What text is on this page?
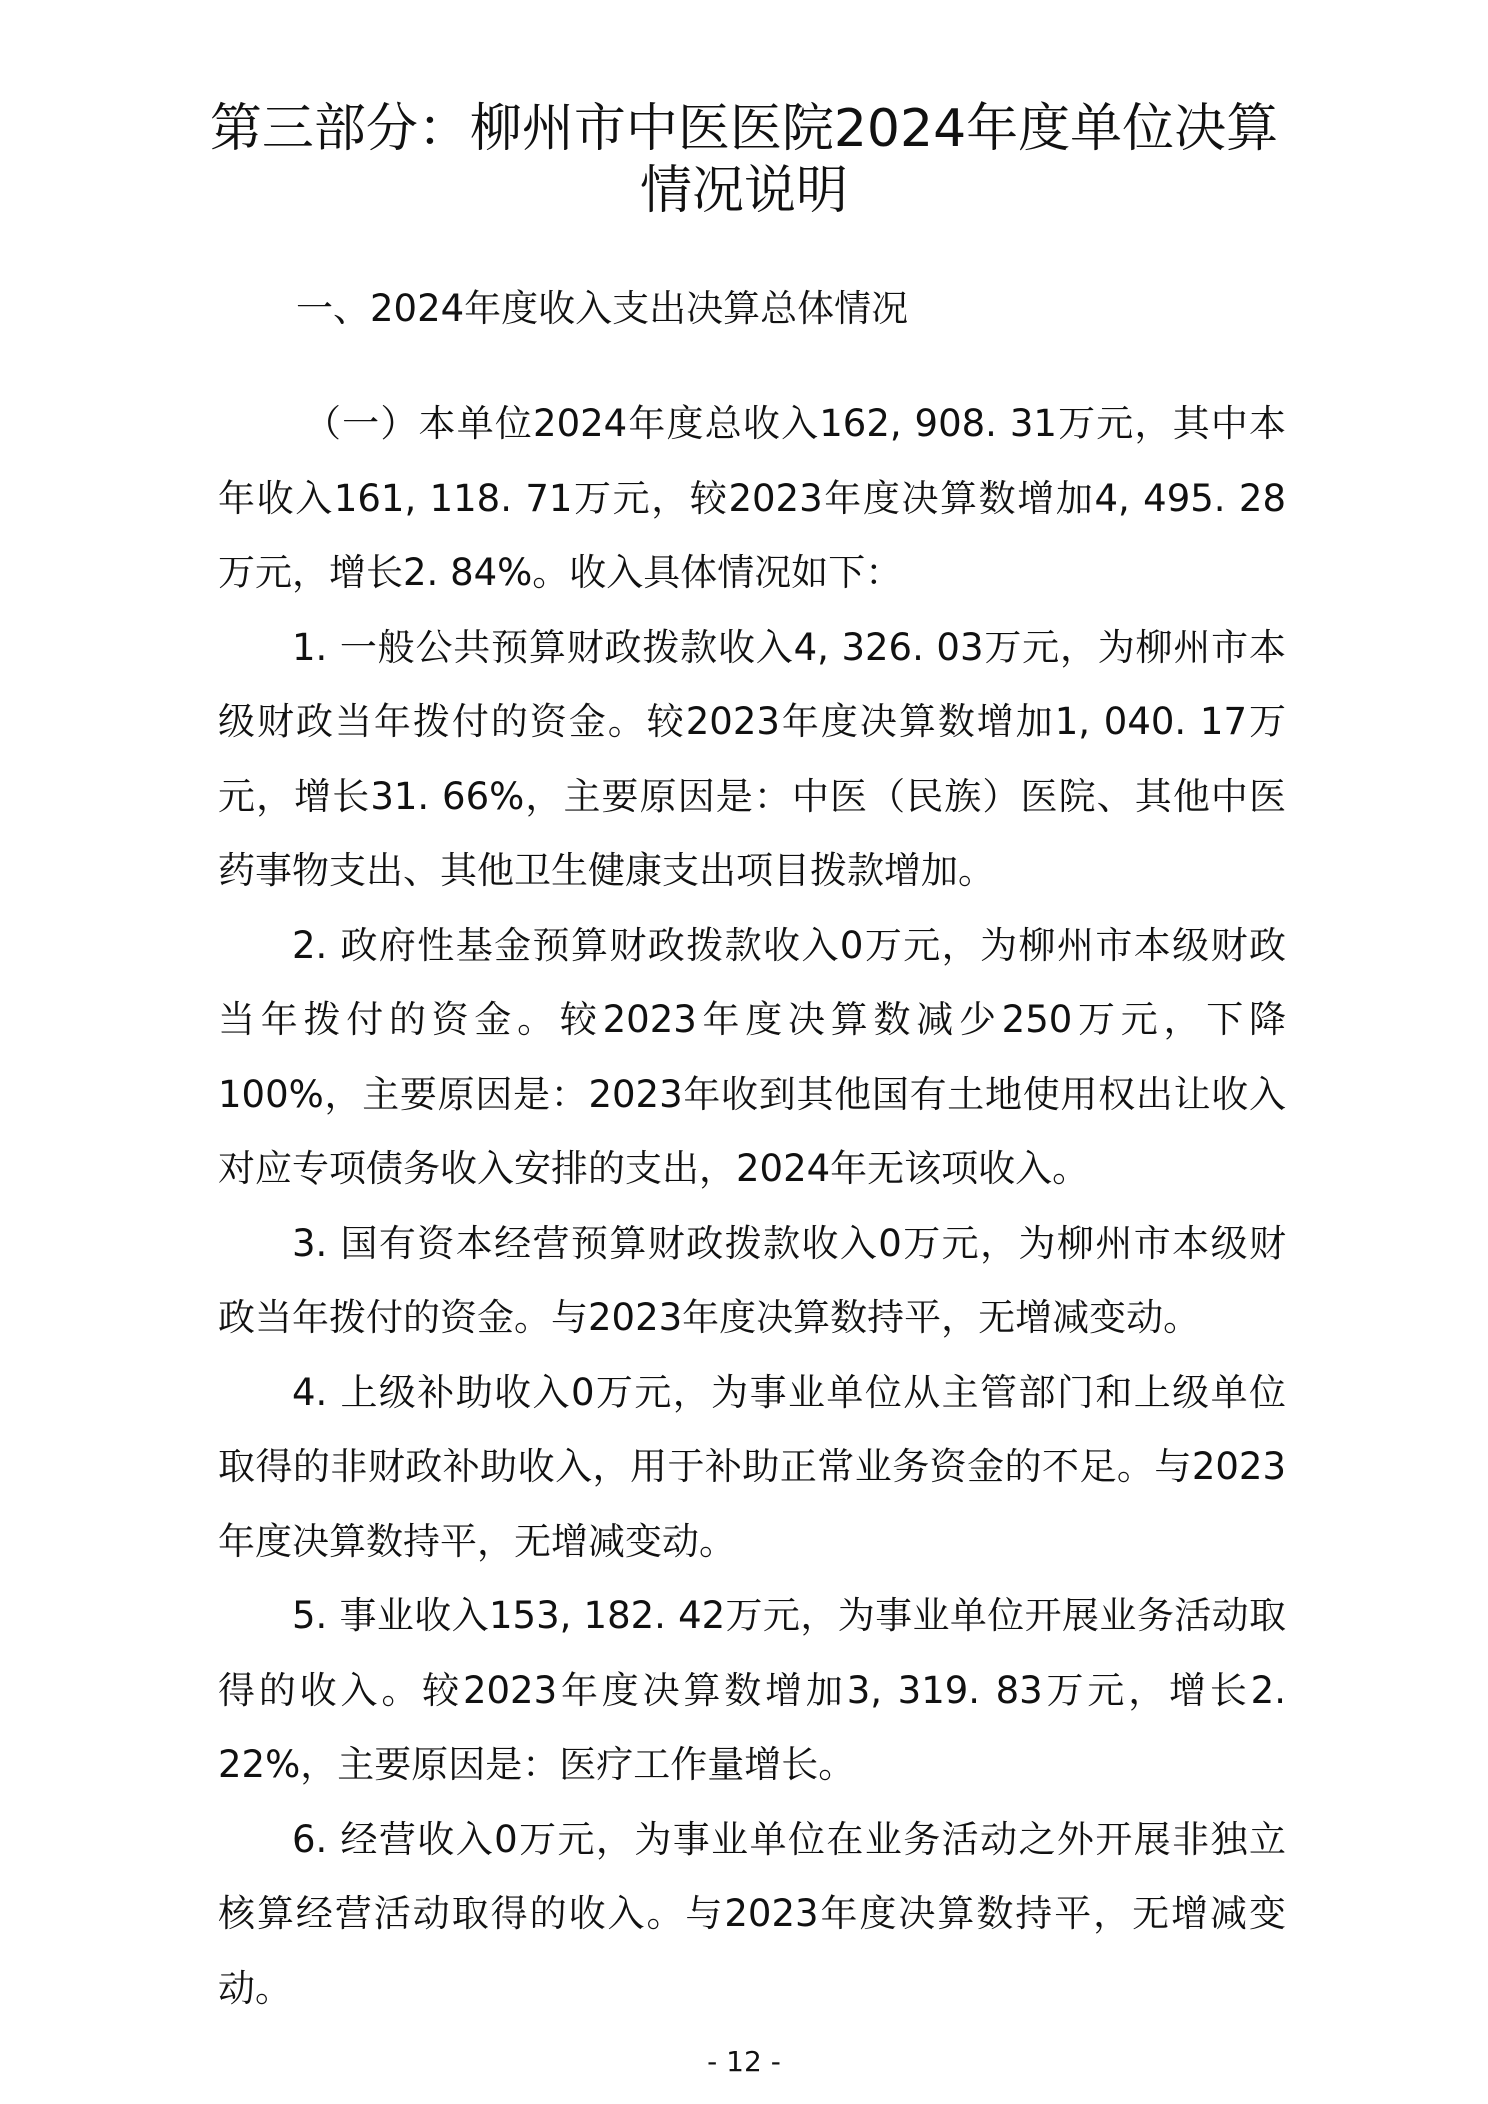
第三部分：柳州市中医医院2024年度单位决算情况说明

一、2024年度收入支出决算总体情况

（一）本单位2024年度总收入162, 908. 31万元，其中本年收入161, 118. 71万元，较2023年度决算数增加4, 495. 28万元，增长2. 84%。收入具体情况如下：

1. 一般公共预算财政拨款收入4, 326. 03万元，为柳州市本级财政当年拨付的资金。较2023年度决算数增加1, 040. 17万元，增长31. 66%，主要原因是：中医（民族）医院、其他中医药事物支出、其他卫生健康支出项目拨款增加。

2. 政府性基金预算财政拨款收入0万元，为柳州市本级财政当年拨付的资金。较2023年度决算数减少250万元，下降100%，主要原因是：2023年收到其他国有土地使用权出让收入对应专项债务收入安排的支出，2024年无该项收入。

3. 国有资本经营预算财政拨款收入0万元，为柳州市本级财政当年拨付的资金。与2023年度决算数持平，无增减变动。

4. 上级补助收入0万元，为事业单位从主管部门和上级单位取得的非财政补助收入，用于补助正常业务资金的不足。与2023年度决算数持平，无增减变动。

5. 事业收入153, 182. 42万元，为事业单位开展业务活动取得的收入。较2023年度决算数增加3, 319. 83万元，增长2. 22%，主要原因是：医疗工作量增长。

6. 经营收入0万元，为事业单位在业务活动之外开展非独立核算经营活动取得的收入。与2023年度决算数持平，无增减变动。

- 12 -
